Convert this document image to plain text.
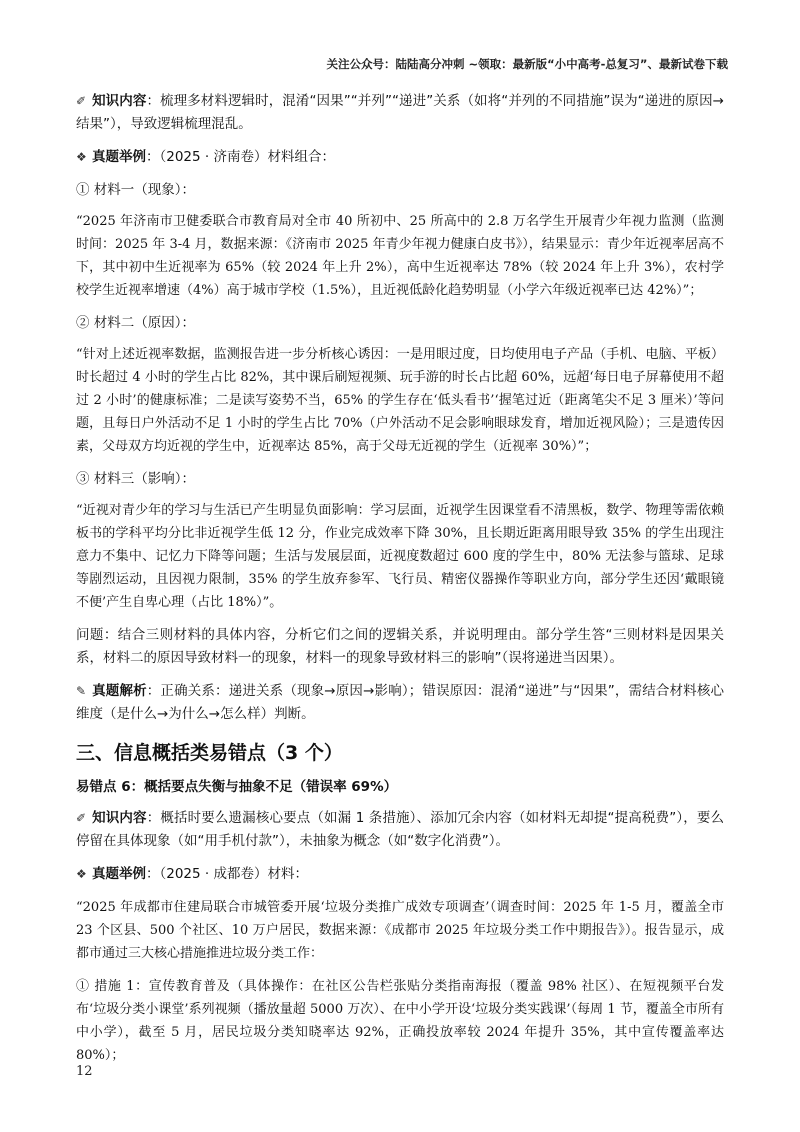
关注公众号：陆陆高分冲刺 ~领取：最新版“小中高考-总复习”、最新试卷下载

✐ 知识内容：梳理多材料逻辑时，混淆“因果”“并列”“递进”关系（如将“并列的不同措施”误为“递进的原因→结果”），导致逻辑梳理混乱。

❖ 真题举例：（2025 · 济南卷）材料组合：

① 材料一（现象）：

“2025 年济南市卫健委联合市教育局对全市 40 所初中、25 所高中的 2.8 万名学生开展青少年视力监测（监测时间：2025 年 3-4 月，数据来源：《济南市 2025 年青少年视力健康白皮书》），结果显示：青少年近视率居高不下，其中初中生近视率为 65%（较 2024 年上升 2%），高中生近视率达 78%（较 2024 年上升 3%），农村学校学生近视率增速（4%）高于城市学校（1.5%），且近视低龄化趋势明显（小学六年级近视率已达 42%）”；

② 材料二（原因）：

“针对上述近视率数据，监测报告进一步分析核心诱因：一是用眼过度，日均使用电子产品（手机、电脑、平板）时长超过 4 小时的学生占比 82%，其中课后刷短视频、玩手游的时长占比超 60%，远超‘每日电子屏幕使用不超过 2 小时’的健康标准；二是读写姿势不当，65% 的学生存在‘低头看书’‘握笔过近（距离笔尖不足 3 厘米）’等问题，且每日户外活动不足 1 小时的学生占比 70%（户外活动不足会影响眼球发育，增加近视风险）；三是遗传因素，父母双方均近视的学生中，近视率达 85%，高于父母无近视的学生（近视率 30%）”；

③ 材料三（影响）：

“近视对青少年的学习与生活已产生明显负面影响：学习层面，近视学生因课堂看不清黑板，数学、物理等需依赖板书的学科平均分比非近视学生低 12 分，作业完成效率下降 30%，且长期近距离用眼导致 35% 的学生出现注意力不集中、记忆力下降等问题；生活与发展层面，近视度数超过 600 度的学生中，80% 无法参与篮球、足球等剧烈运动，且因视力限制，35% 的学生放弃参军、飞行员、精密仪器操作等职业方向，部分学生还因‘戴眼镜不便’产生自卑心理（占比 18%）”。

问题：结合三则材料的具体内容，分析它们之间的逻辑关系，并说明理由。部分学生答“三则材料是因果关系，材料二的原因导致材料一的现象，材料一的现象导致材料三的影响”（误将递进当因果）。

✎ 真题解析：正确关系：递进关系（现象→原因→影响）；错误原因：混淆“递进”与“因果”，需结合材料核心维度（是什么→为什么→怎么样）判断。

三、信息概括类易错点（3 个）
易错点 6：概括要点失衡与抽象不足（错误率 69%）

✐ 知识内容：概括时要么遗漏核心要点（如漏 1 条措施）、添加冗余内容（如材料无却提“提高税费”），要么停留在具体现象（如“用手机付款”），未抽象为概念（如“数字化消费”）。

❖ 真题举例：（2025 · 成都卷）材料：

“2025 年成都市住建局联合市城管委开展‘垃圾分类推广成效专项调查’（调查时间：2025 年 1-5 月，覆盖全市 23 个区县、500 个社区、10 万户居民，数据来源：《成都市 2025 年垃圾分类工作中期报告》）。报告显示，成都市通过三大核心措施推进垃圾分类工作：

① 措施 1：宣传教育普及（具体操作：在社区公告栏张贴分类指南海报（覆盖 98% 社区）、在短视频平台发布‘垃圾分类小课堂’系列视频（播放量超 5000 万次）、在中小学开设‘垃圾分类实践课’（每周 1 节，覆盖全市所有中小学），截至 5 月，居民垃圾分类知晓率达 92%，正确投放率较 2024 年提升 35%，其中宣传覆盖率达 80%）；

12
